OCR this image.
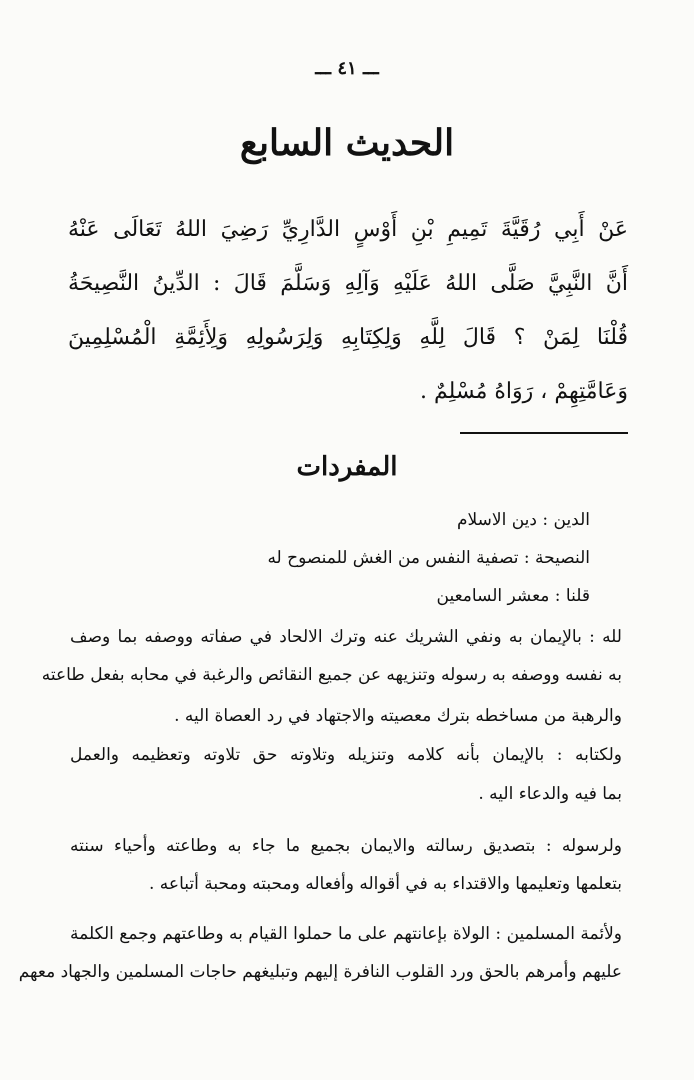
ـــ ٤١ ـــ
الحديث السابع
عَنْ أَبِي رُقَيَّةَ تَمِيمِ بْنِ أَوْسٍ الدَّارِيِّ رَضِيَ اللهُ تَعَالَى عَنْهُ
أَنَّ النَّبِيَّ صَلَّى اللهُ عَلَيْهِ وَآلِهِ وَسَلَّمَ قَالَ : الدِّينُ النَّصِيحَةُ
قُلْنَا لِمَنْ ؟ قَالَ لِلَّهِ وَلِكِتَابِهِ وَلِرَسُولِهِ وَلِأَئِمَّةِ الْمُسْلِمِينَ
وَعَامَّتِهِمْ ، رَوَاهُ مُسْلِمٌ .
المفردات
الدين : دين الاسلام
النصيحة : تصفية النفس من الغش للمنصوح له
قلنا : معشر السامعين
لله : بالإيمان به ونفي الشريك عنه وترك الالحاد في صفاته ووصفه بما وصف
به نفسه ووصفه به رسوله وتنزيهه عن جميع النقائص والرغبة في محابه بفعل طاعته
والرهبة من مساخطه بترك معصيته والاجتهاد في رد العصاة اليه .
ولكتابه : بالإيمان بأنه كلامه وتنزيله وتلاوته حق تلاوته وتعظيمه والعمل
بما فيه والدعاء اليه .
ولرسوله : بتصديق رسالته والايمان بجميع ما جاء به وطاعته وأحياء سنته
بتعلمها وتعليمها والاقتداء به في أقواله وأفعاله ومحبته ومحبة أتباعه .
ولأئمة المسلمين : الولاة بإعانتهم على ما حملوا القيام به وطاعتهم وجمع الكلمة
عليهم وأمرهم بالحق ورد القلوب النافرة إليهم وتبليغهم حاجات المسلمين والجهاد معهم
